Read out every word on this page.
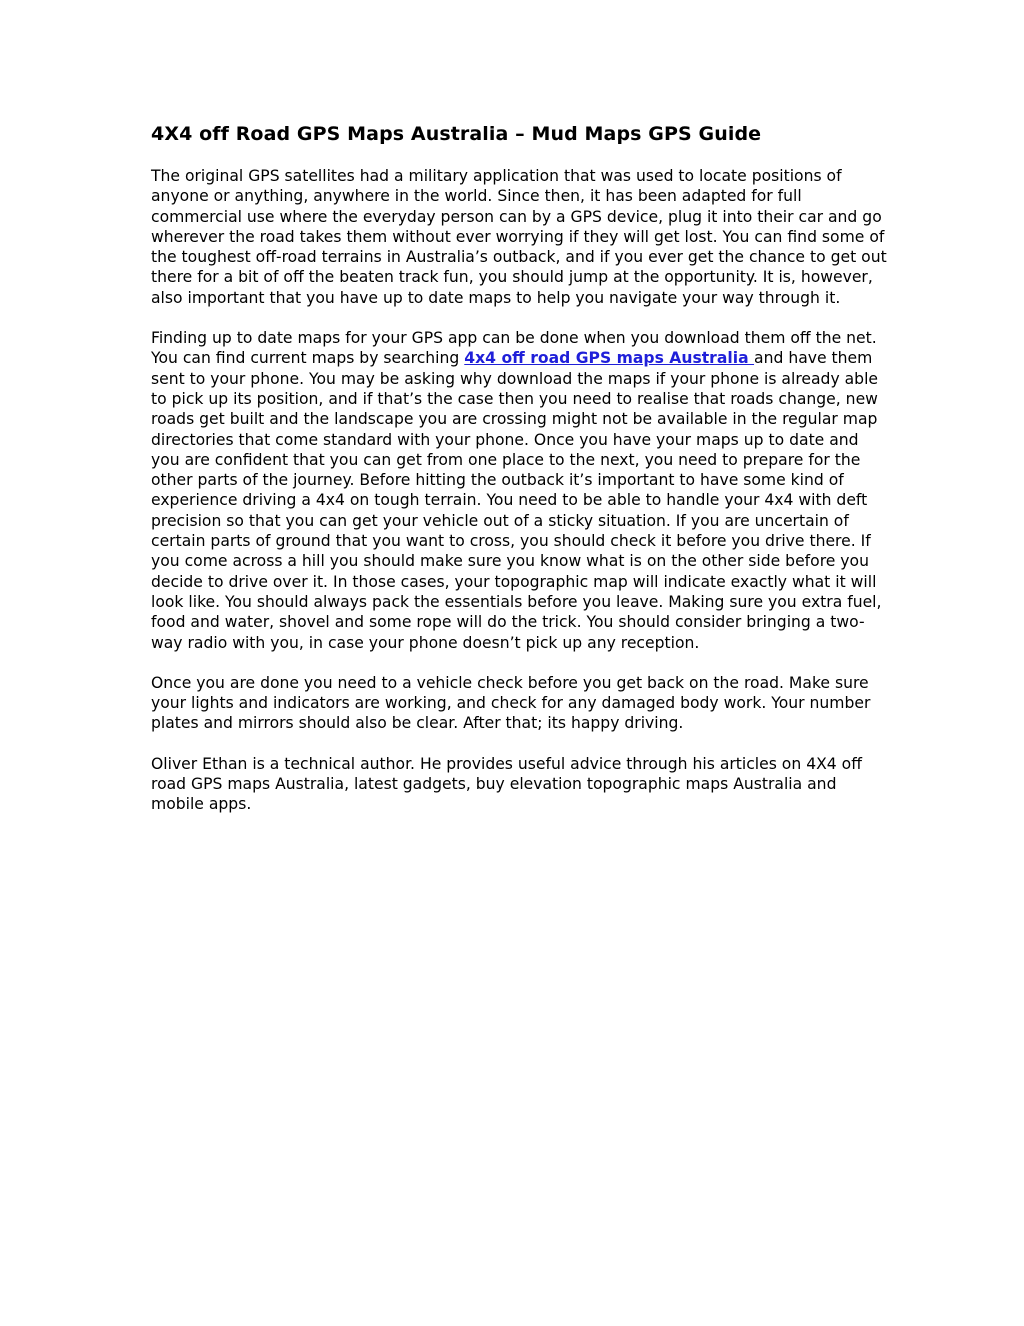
4X4 off Road GPS Maps Australia – Mud Maps GPS Guide

The original GPS satellites had a military application that was used to locate positions of anyone or anything, anywhere in the world. Since then, it has been adapted for full commercial use where the everyday person can by a GPS device, plug it into their car and go wherever the road takes them without ever worrying if they will get lost. You can find some of the toughest off-road terrains in Australia’s outback, and if you ever get the chance to get out there for a bit of off the beaten track fun, you should jump at the opportunity. It is, however, also important that you have up to date maps to help you navigate your way through it.

Finding up to date maps for your GPS app can be done when you download them off the net. You can find current maps by searching 4x4 off road GPS maps Australia and have them sent to your phone. You may be asking why download the maps if your phone is already able to pick up its position, and if that’s the case then you need to realise that roads change, new roads get built and the landscape you are crossing might not be available in the regular map directories that come standard with your phone. Once you have your maps up to date and you are confident that you can get from one place to the next, you need to prepare for the other parts of the journey. Before hitting the outback it’s important to have some kind of experience driving a 4x4 on tough terrain. You need to be able to handle your 4x4 with deft precision so that you can get your vehicle out of a sticky situation. If you are uncertain of certain parts of ground that you want to cross, you should check it before you drive there. If you come across a hill you should make sure you know what is on the other side before you decide to drive over it. In those cases, your topographic map will indicate exactly what it will look like. You should always pack the essentials before you leave. Making sure you extra fuel, food and water, shovel and some rope will do the trick. You should consider bringing a two-way radio with you, in case your phone doesn’t pick up any reception.

Once you are done you need to a vehicle check before you get back on the road. Make sure your lights and indicators are working, and check for any damaged body work. Your number plates and mirrors should also be clear. After that; its happy driving.

Oliver Ethan is a technical author. He provides useful advice through his articles on 4X4 off road GPS maps Australia, latest gadgets, buy elevation topographic maps Australia and mobile apps.
